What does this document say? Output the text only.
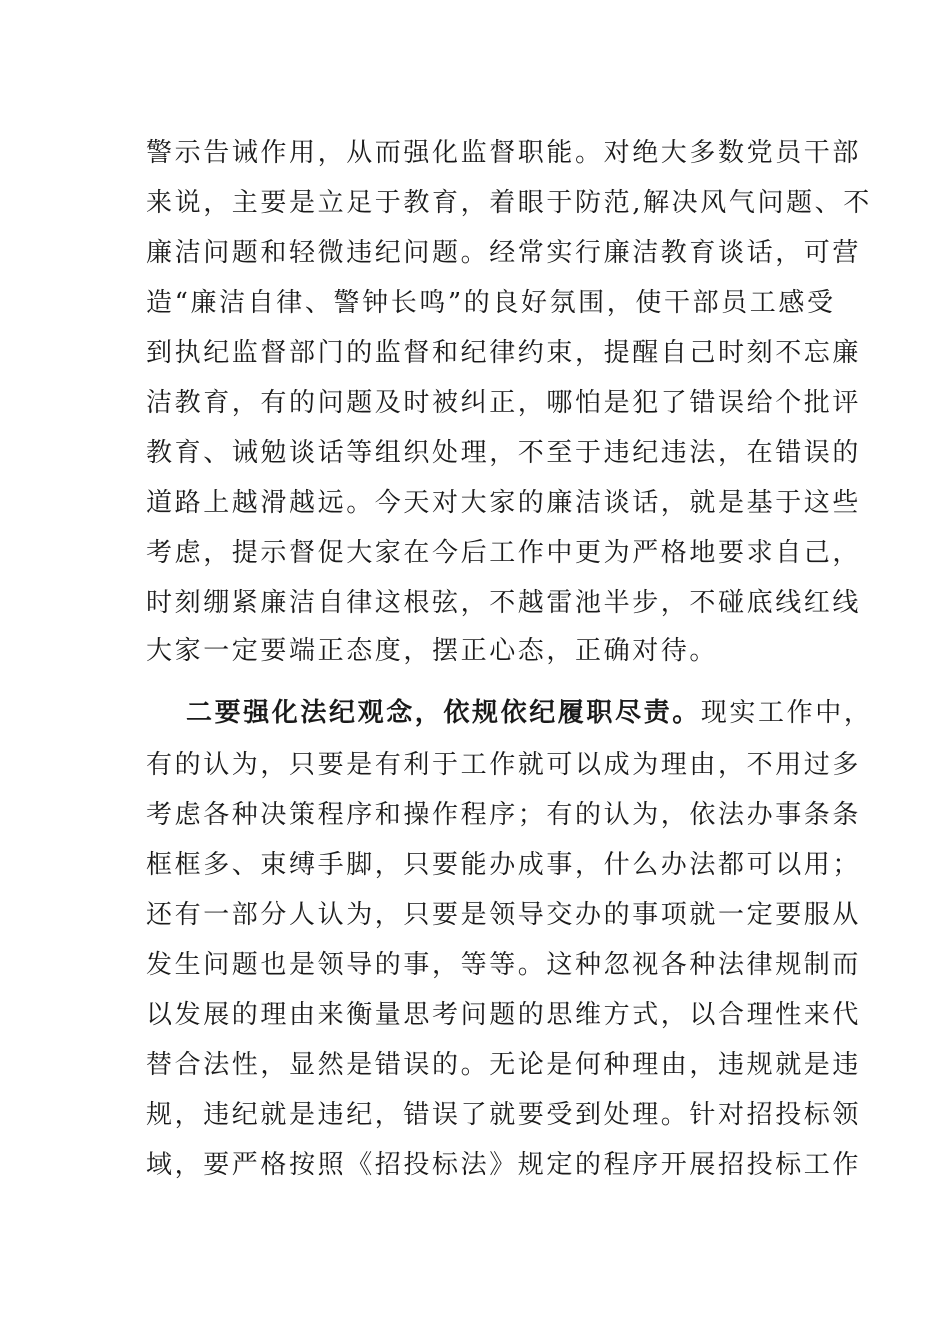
警示告诫作用，从而强化监督职能。对绝大多数党员干部
来说，主要是立足于教育，着眼于防范,解决风气问题、不
廉洁问题和轻微违纪问题。经常实行廉洁教育谈话，可营
造“廉洁自律、警钟长鸣”的良好氛围，使干部员工感受
到执纪监督部门的监督和纪律约束，提醒自己时刻不忘廉
洁教育，有的问题及时被纠正，哪怕是犯了错误给个批评
教育、诫勉谈话等组织处理，不至于违纪违法，在错误的
道路上越滑越远。今天对大家的廉洁谈话，就是基于这些
考虑，提示督促大家在今后工作中更为严格地要求自己，
时刻绷紧廉洁自律这根弦，不越雷池半步，不碰底线红线
大家一定要端正态度，摆正心态，正确对待。
二要强化法纪观念，依规依纪履职尽责。现实工作中，
有的认为，只要是有利于工作就可以成为理由，不用过多
考虑各种决策程序和操作程序；有的认为，依法办事条条
框框多、束缚手脚，只要能办成事，什么办法都可以用；
还有一部分人认为，只要是领导交办的事项就一定要服从
发生问题也是领导的事，等等。这种忽视各种法律规制而
以发展的理由来衡量思考问题的思维方式，以合理性来代
替合法性，显然是错误的。无论是何种理由，违规就是违
规，违纪就是违纪，错误了就要受到处理。针对招投标领
域，要严格按照《招投标法》规定的程序开展招投标工作
